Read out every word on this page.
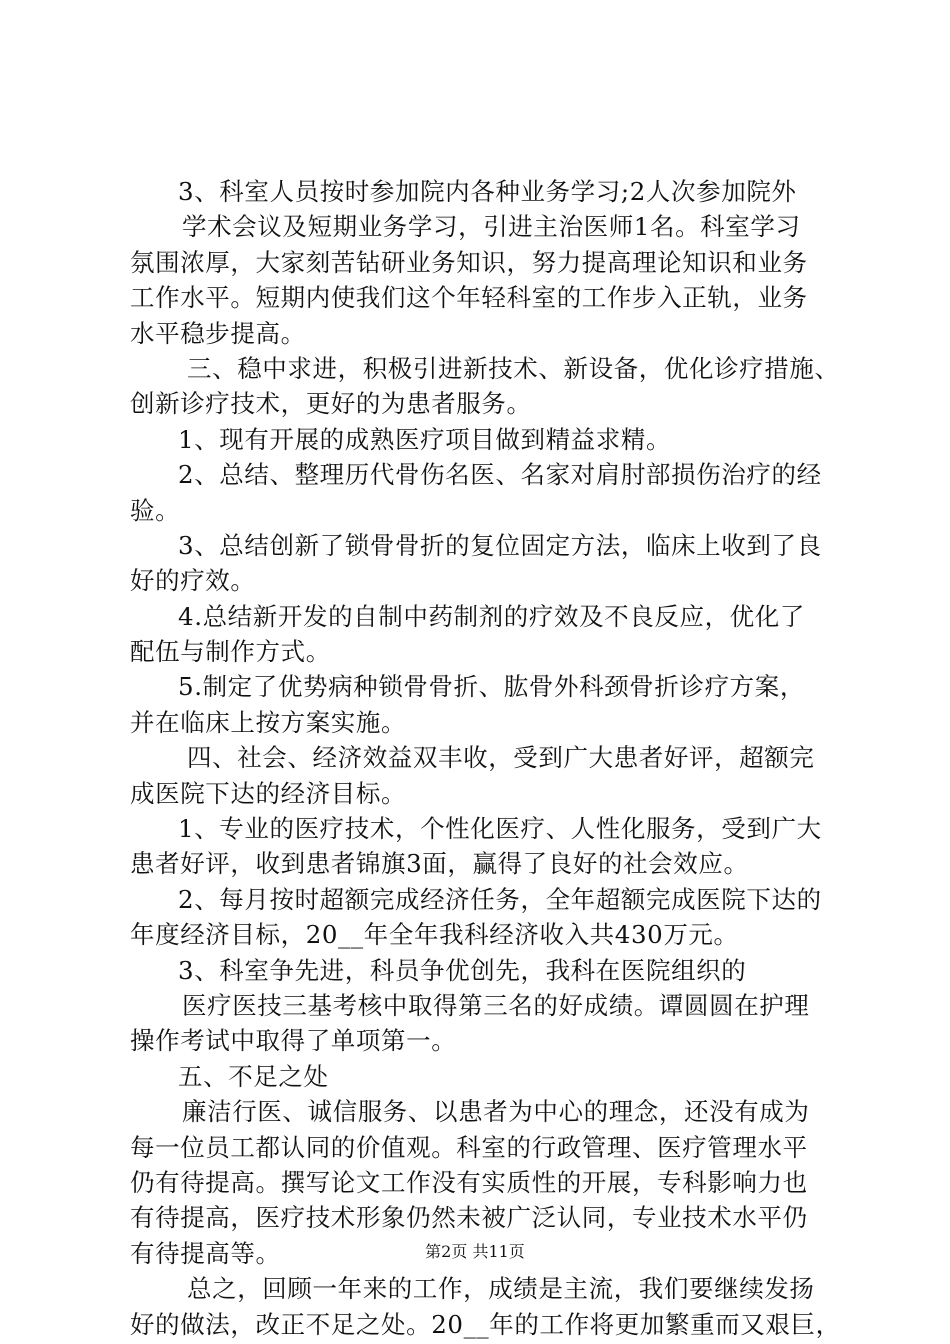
3、科室人员按时参加院内各种业务学习;2人次参加院外
学术会议及短期业务学习，引进主治医师1名。科室学习
氛围浓厚，大家刻苦钻研业务知识，努力提高理论知识和业务
工作水平。短期内使我们这个年轻科室的工作步入正轨，业务
水平稳步提高。
三、稳中求进，积极引进新技术、新设备，优化诊疗措施、
创新诊疗技术，更好的为患者服务。
1、现有开展的成熟医疗项目做到精益求精。
2、总结、整理历代骨伤名医、名家对肩肘部损伤治疗的经
验。
3、总结创新了锁骨骨折的复位固定方法，临床上收到了良
好的疗效。
4.总结新开发的自制中药制剂的疗效及不良反应，优化了
配伍与制作方式。
5.制定了优势病种锁骨骨折、肱骨外科颈骨折诊疗方案，
并在临床上按方案实施。
四、社会、经济效益双丰收，受到广大患者好评，超额完
成医院下达的经济目标。
1、专业的医疗技术，个性化医疗、人性化服务，受到广大
患者好评，收到患者锦旗3面，赢得了良好的社会效应。
2、每月按时超额完成经济任务，全年超额完成医院下达的
年度经济目标，20__年全年我科经济收入共430万元。
3、科室争先进，科员争优创先，我科在医院组织的
医疗医技三基考核中取得第三名的好成绩。谭圆圆在护理
操作考试中取得了单项第一。
五、不足之处
廉洁行医、诚信服务、以患者为中心的理念，还没有成为
每一位员工都认同的价值观。科室的行政管理、医疗管理水平
仍有待提高。撰写论文工作没有实质性的开展，专科影响力也
有待提高，医疗技术形象仍然未被广泛认同，专业技术水平仍
有待提高等。
总之，回顾一年来的工作，成绩是主流，我们要继续发扬
好的做法，改正不足之处。20__年的工作将更加繁重而又艰巨，
第2页 共11页
